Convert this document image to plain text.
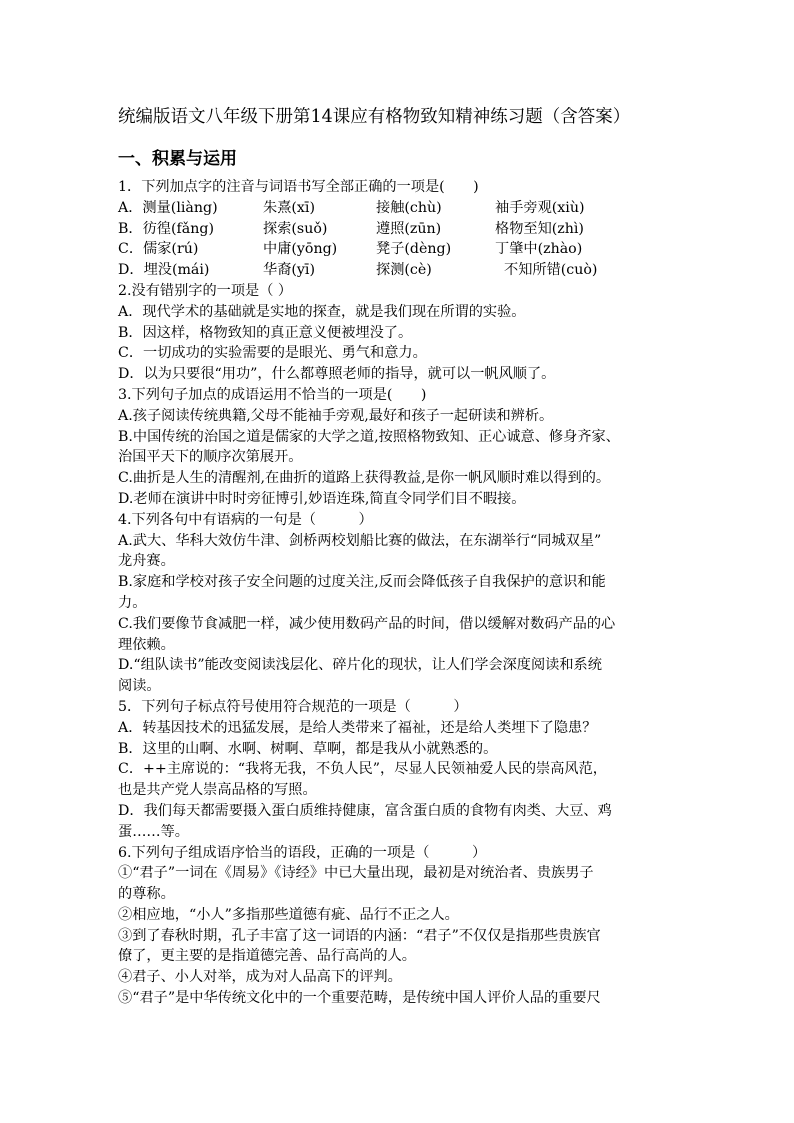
统编版语文八年级下册第14课应有格物致知精神练习题（含答案）
一、积累与运用
1．下列加点字的注音与词语书写全部正确的一项是(　　)
A．测量(liàng)	朱熹(xī)	接触(chù)	袖手旁观(xiù)
B．彷徨(fǎng)	探索(suǒ)	遵照(zūn)	格物至知(zhì)
C．儒家(rú)	中庸(yōng)	凳子(dèng)	丁肇中(zhào)
D．埋没(mái)	华裔(yī)	探测(cè)	不知所错(cuò)
2.没有错别字的一项是（ ）
A．现代学术的基础就是实地的探查，就是我们现在所谓的实验。
B．因这样，格物致知的真正意义便被埋没了。
C．一切成功的实验需要的是眼光、勇气和意力。
D．以为只要很“用功”，什么都尊照老师的指导，就可以一帆风顺了。
3.下列句子加点的成语运用不恰当的一项是(　　)
A.孩子阅读传统典籍,父母不能袖手旁观,最好和孩子一起研读和辨析。
B.中国传统的治国之道是儒家的大学之道,按照格物致知、正心诚意、修身齐家、
治国平天下的顺序次第展开。
C.曲折是人生的清醒剂,在曲折的道路上获得教益,是你一帆风顺时难以得到的。
D.老师在演讲中时时旁征博引,妙语连珠,简直令同学们目不暇接。
4.下列各句中有语病的一句是（　　　）
A.武大、华科大效仿牛津、剑桥两校划船比赛的做法，在东湖举行“同城双星”
龙舟赛。
B.家庭和学校对孩子安全问题的过度关注,反而会降低孩子自我保护的意识和能
力。
C.我们要像节食减肥一样，减少使用数码产品的时间，借以缓解对数码产品的心
理依赖。
D.“组队读书”能改变阅读浅层化、碎片化的现状，让人们学会深度阅读和系统
阅读。
5．下列句子标点符号使用符合规范的一项是（　　　）
A．转基因技术的迅猛发展，是给人类带来了福祉，还是给人类埋下了隐患？
B．这里的山啊、水啊、树啊、草啊，都是我从小就熟悉的。
C．++主席说的：“我将无我，不负人民”，尽显人民领袖爱人民的崇高风范，
也是共产党人崇高品格的写照。
D．我们每天都需要摄入蛋白质维持健康，富含蛋白质的食物有肉类、大豆、鸡
蛋……等。
6.下列句子组成语序恰当的语段，正确的一项是（　　　）
①“君子”一词在《周易》《诗经》中已大量出现，最初是对统治者、贵族男子
的尊称。
②相应地，“小人”多指那些道德有疵、品行不正之人。
③到了春秋时期，孔子丰富了这一词语的内涵：“君子”不仅仅是指那些贵族官
僚了，更主要的是指道德完善、品行高尚的人。
④君子、小人对举，成为对人品高下的评判。
⑤“君子”是中华传统文化中的一个重要范畴，是传统中国人评价人品的重要尺
